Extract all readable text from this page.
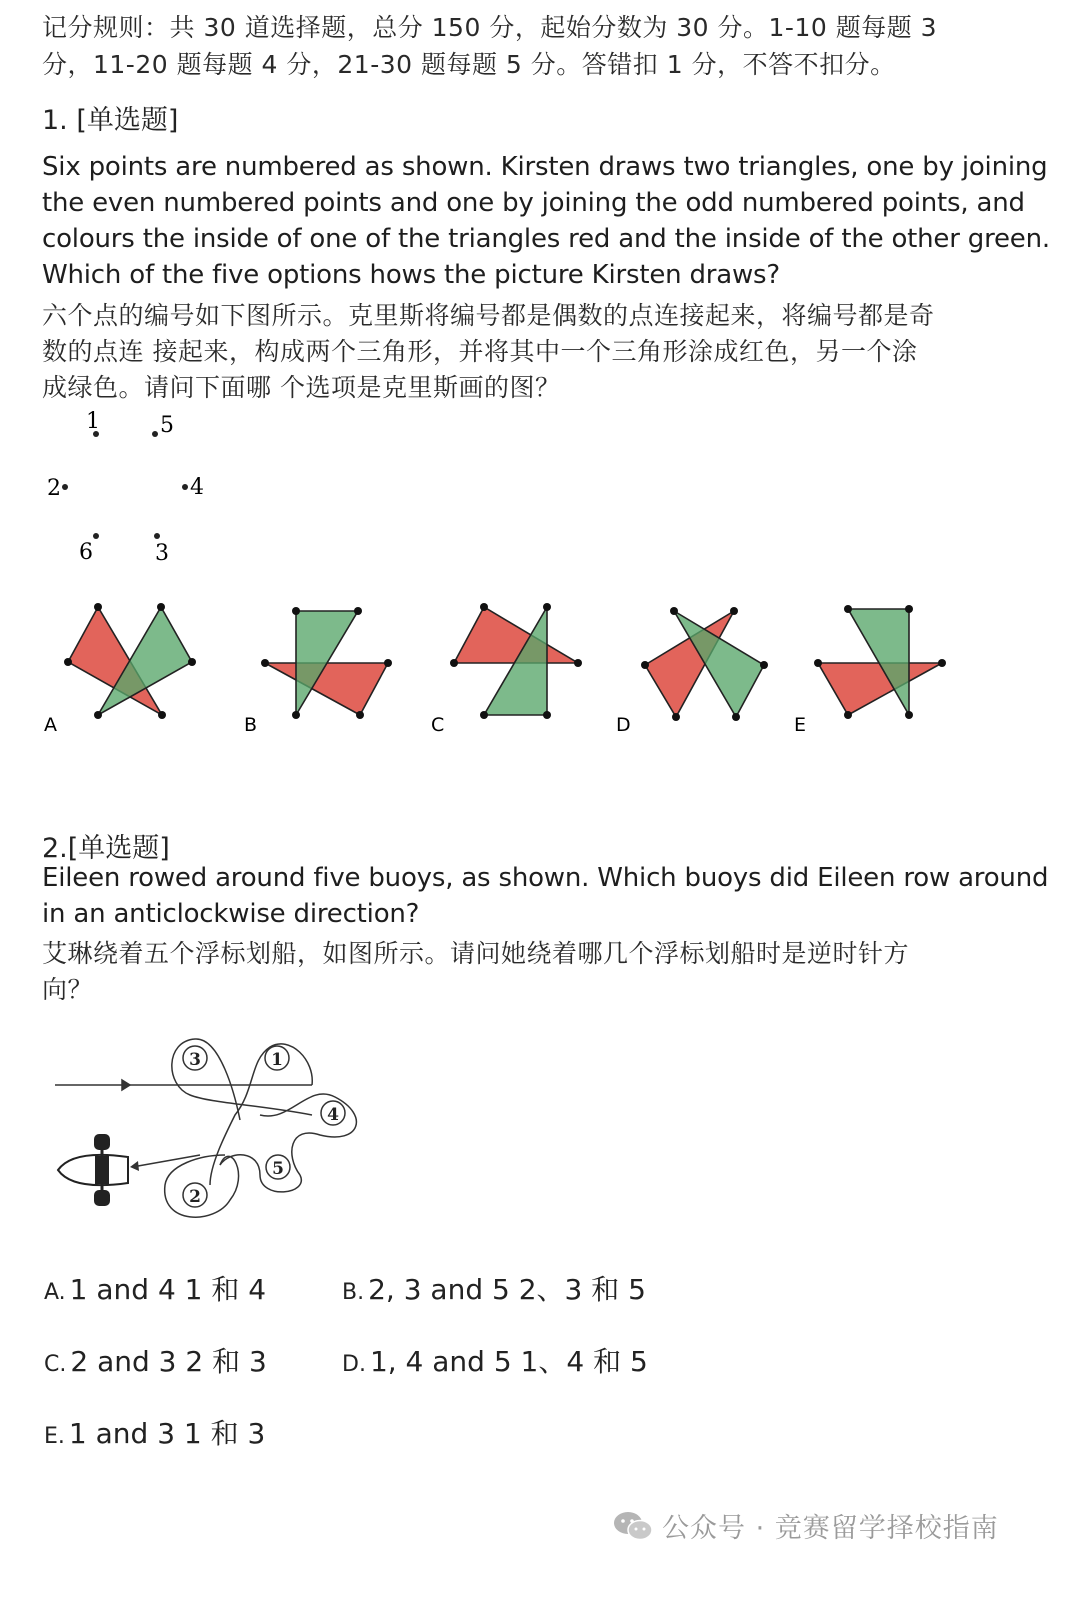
记分规则：共 30 道选择题，总分 150 分，起始分数为 30 分。1-10 题每题 3
分，11-20 题每题 4 分，21-30 题每题 5 分。答错扣 1 分，不答不扣分。
1. [单选题]
Six points are numbered as shown. Kirsten draws two triangles, one by joining
the even numbered points and one by joining the odd numbered points, and
colours the inside of one of the triangles red and the inside of the other green.
Which of the five options hows the picture Kirsten draws?
六个点的编号如下图所示。克里斯将编号都是偶数的点连接起来，将编号都是奇
数的点连 接起来，构成两个三角形，并将其中一个三角形涂成红色，另一个涂
成绿色。请问下面哪 个选项是克里斯画的图？
1	5
2	4
6	3
A	B	C	D	E
2.[单选题]
Eileen rowed around five buoys, as shown. Which buoys did Eileen row around
in an anticlockwise direction?
艾琳绕着五个浮标划船，如图所示。请问她绕着哪几个浮标划船时是逆时针方
向？
3	1
4
5
2
A. 1 and 4 1 和 4	B. 2, 3 and 5 2、3 和 5
C. 2 and 3 2 和 3	D. 1, 4 and 5 1、4 和 5
E. 1 and 3 1 和 3
公众号 · 竞赛留学择校指南
